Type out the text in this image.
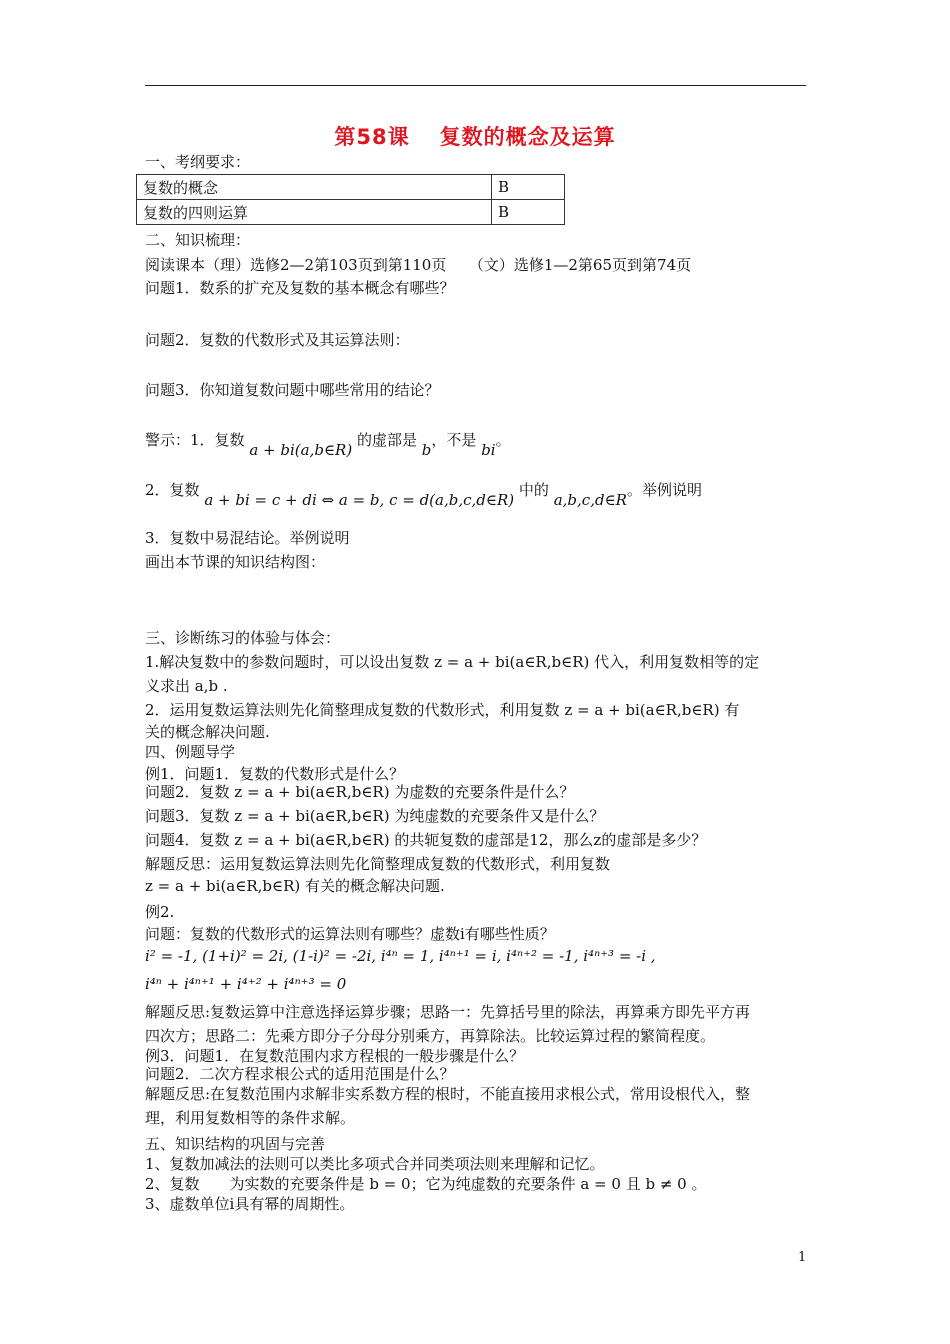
第58课 复数的概念及运算
一、考纲要求：
复数的概念	B
复数的四则运算	B
二、知识梳理：
阅读课本（理）选修2—2第103页到第110页　　（文）选修1—2第65页到第74页
问题1．数系的扩充及复数的基本概念有哪些？
问题2．复数的代数形式及其运算法则：
问题3．你知道复数问题中哪些常用的结论？
警示：1．复数 a + bi(a,b∈R) 的虚部是 b，不是 bi。
2．复数 a + bi = c + di ⇔ a = b, c = d(a,b,c,d∈R) 中的 a,b,c,d∈R。举例说明
3．复数中易混结论。举例说明
画出本节课的知识结构图：
三、诊断练习的体验与体会：
1.解决复数中的参数问题时，可以设出复数 z = a + bi(a∈R,b∈R) 代入，利用复数相等的定
义求出 a,b .
2．运用复数运算法则先化简整理成复数的代数形式，利用复数 z = a + bi(a∈R,b∈R) 有
关的概念解决问题.
四、例题导学
例1．问题1．复数的代数形式是什么？
问题2．复数 z = a + bi(a∈R,b∈R) 为虚数的充要条件是什么？
问题3．复数 z = a + bi(a∈R,b∈R) 为纯虚数的充要条件又是什么？
问题4．复数 z = a + bi(a∈R,b∈R) 的共轭复数的虚部是12，那么z的虚部是多少？
解题反思：运用复数运算法则先化简整理成复数的代数形式，利用复数
z = a + bi(a∈R,b∈R) 有关的概念解决问题.
例2.
问题：复数的代数形式的运算法则有哪些？虚数i有哪些性质？
i² = -1, (1+i)² = 2i, (1-i)² = -2i, i⁴ⁿ = 1, i⁴ⁿ⁺¹ = i, i⁴ⁿ⁺² = -1, i⁴ⁿ⁺³ = -i ,
i⁴ⁿ + i⁴ⁿ⁺¹ + i⁴⁺² + i⁴ⁿ⁺³ = 0
解题反思:复数运算中注意选择运算步骤；思路一：先算括号里的除法，再算乘方即先平方再
四次方；思路二：先乘方即分子分母分别乘方，再算除法。比较运算过程的繁简程度。
例3．问题1．在复数范围内求方程根的一般步骤是什么？
问题2．二次方程求根公式的适用范围是什么？
解题反思:在复数范围内求解非实系数方程的根时，不能直接用求根公式，常用设根代入，整
理，利用复数相等的条件求解。
五、知识结构的巩固与完善
1、复数加减法的法则可以类比多项式合并同类项法则来理解和记忆。
2、复数　　为实数的充要条件是 b = 0；它为纯虚数的充要条件 a = 0 且 b ≠ 0 。
3、虚数单位i具有幂的周期性。
1
